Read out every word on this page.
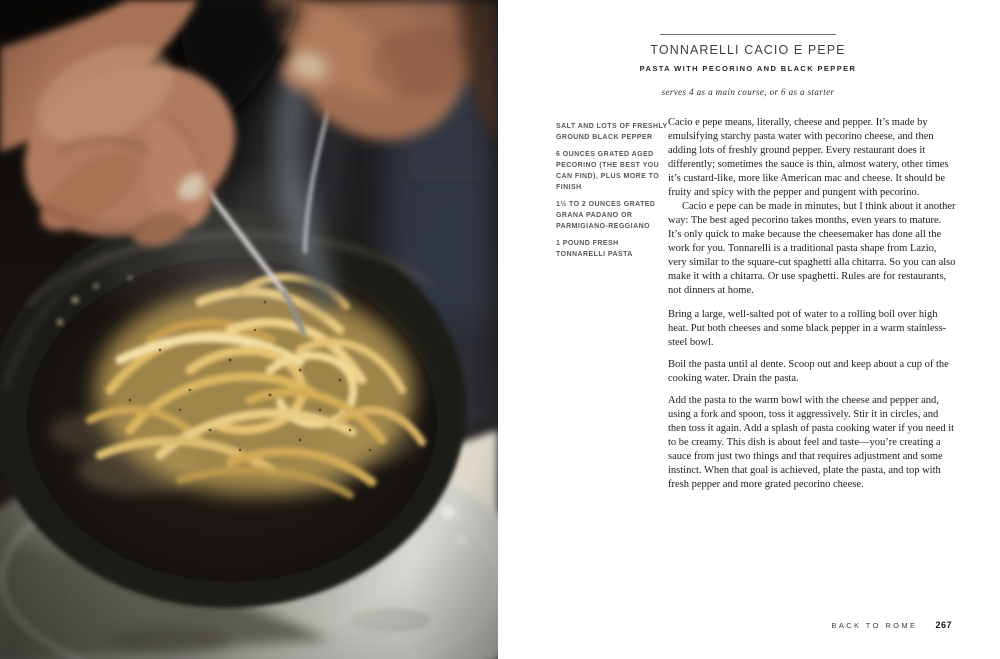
TONNARELLI CACIO E PEPE
PASTA WITH PECORINO AND BLACK PEPPER
serves 4 as a main course, or 6 as a starter
SALT AND LOTS OF FRESHLY GROUND BLACK PEPPER
6 OUNCES GRATED AGED PECORINO (THE BEST YOU CAN FIND), PLUS MORE TO FINISH
1½ TO 2 OUNCES GRATED GRANA PADANO OR PARMIGIANO-REGGIANO
1 POUND FRESH TONNARELLI PASTA

Cacio e pepe means, literally, cheese and pepper. It’s made by emulsifying starchy pasta water with pecorino cheese, and then adding lots of freshly ground pepper. Every restaurant does it differently; sometimes the sauce is thin, almost watery, other times it’s custard-like, more like American mac and cheese. It should be fruity and spicy with the pepper and pungent with pecorino.

Cacio e pepe can be made in minutes, but I think about it another way: The best aged pecorino takes months, even years to mature. It’s only quick to make because the cheesemaker has done all the work for you. Tonnarelli is a traditional pasta shape from Lazio, very similar to the square-cut spaghetti alla chitarra. So you can also make it with a chitarra. Or use spaghetti. Rules are for restaurants, not dinners at home.

Bring a large, well-salted pot of water to a rolling boil over high heat. Put both cheeses and some black pepper in a warm stainless-steel bowl.

Boil the pasta until al dente. Scoop out and keep about a cup of the cooking water. Drain the pasta.

Add the pasta to the warm bowl with the cheese and pepper and, using a fork and spoon, toss it aggressively. Stir it in circles, and then toss it again. Add a splash of pasta cooking water if you need it to be creamy. This dish is about feel and taste—you’re creating a sauce from just two things and that requires adjustment and some instinct. When that goal is achieved, plate the pasta, and top with fresh pepper and more grated pecorino cheese.

BACK TO ROME 267
